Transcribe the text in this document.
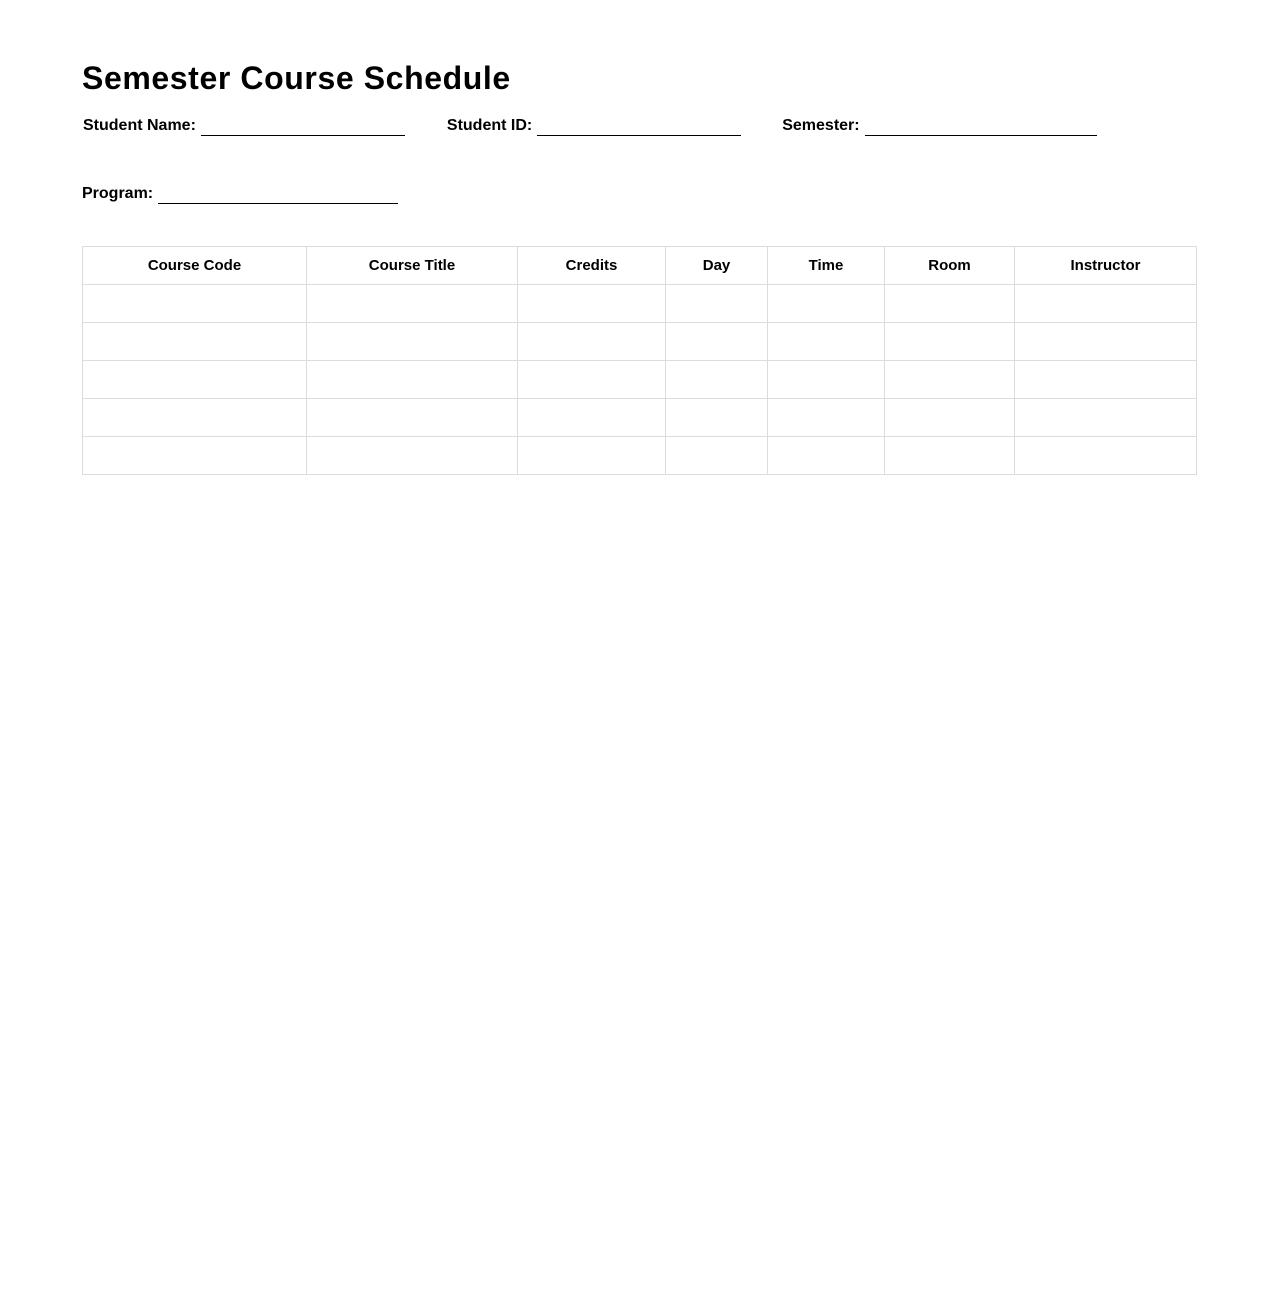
Semester Course Schedule
Student Name:	Student ID:	Semester:
Program:
Course Code	Course Title	Credits	Day	Time	Room	Instructor
